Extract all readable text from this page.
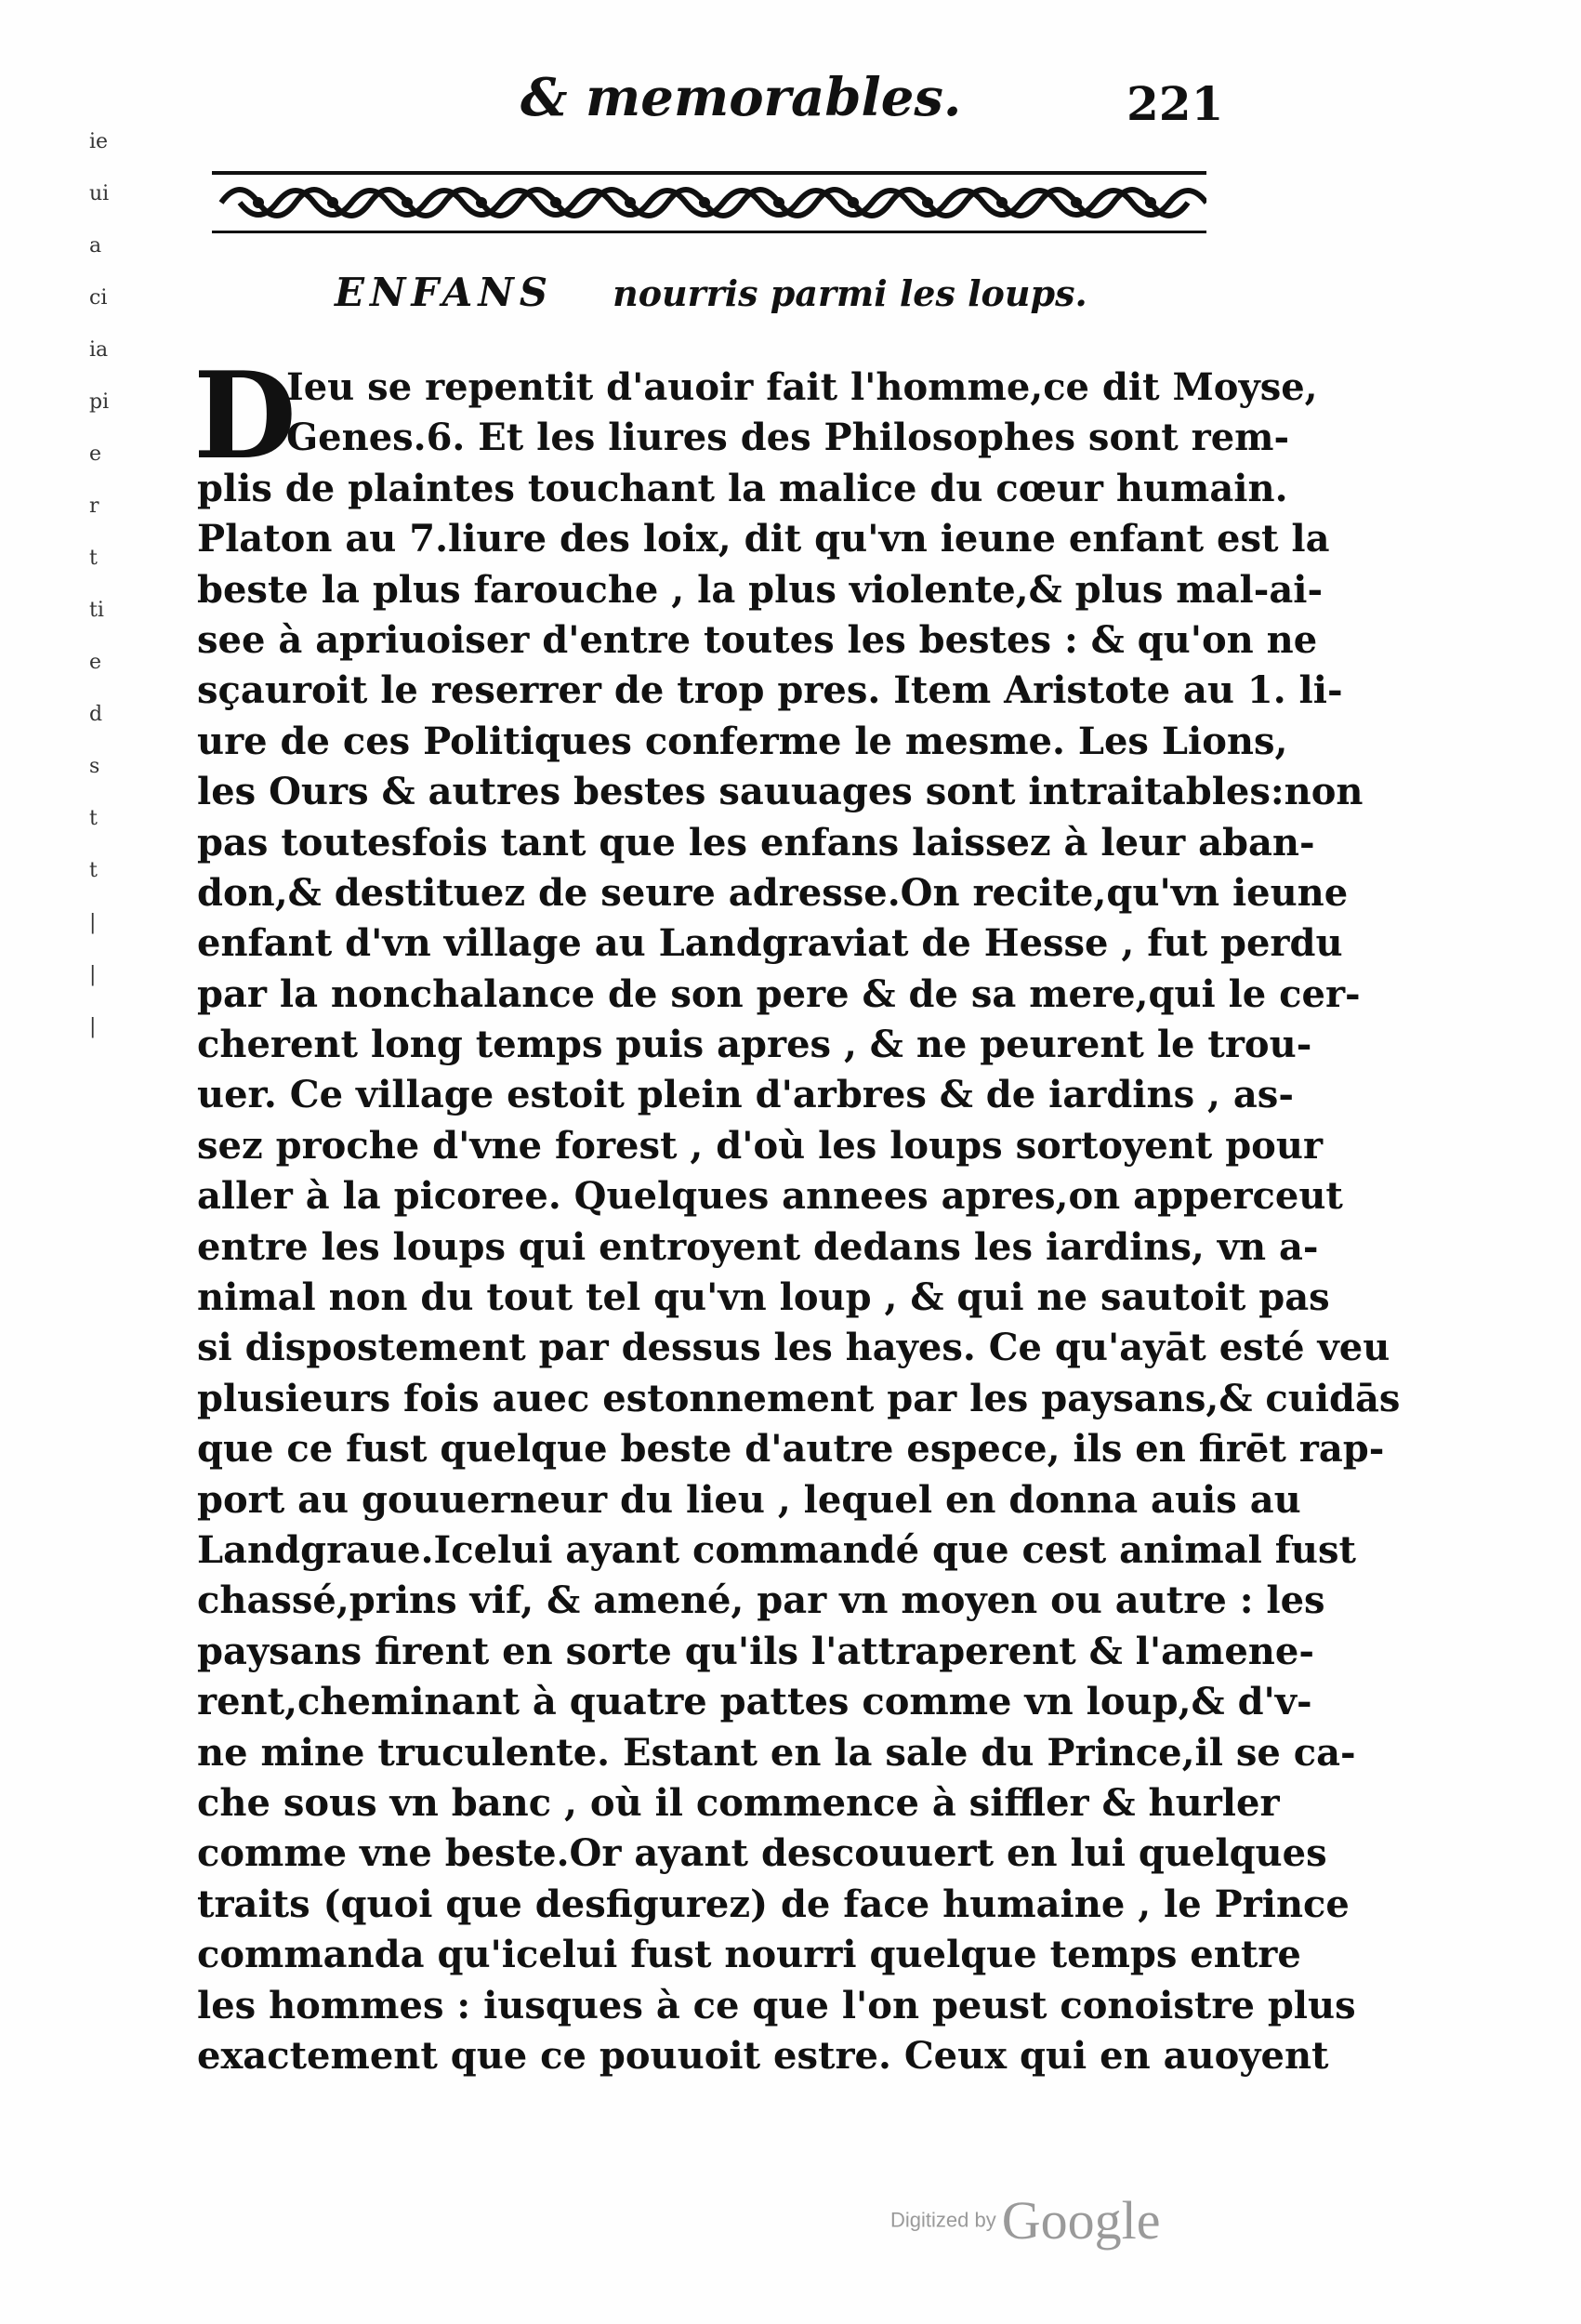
ie
ui
a
ci
ia
pi
e
r
t
ti
e
d
s
t
t
|
|
|
& memorables.	221
ENFANS nourris parmi les loups.
D
Ieu se repentit d'auoir fait l'homme,ce dit Moyse,
Genes.6. Et les liures des Philosophes sont rem-
plis de plaintes touchant la malice du cœur humain.
Platon au 7.liure des loix, dit qu'vn ieune enfant est la
beste la plus farouche , la plus violente,& plus mal-ai-
see à apriuoiser d'entre toutes les bestes : & qu'on ne
sçauroit le reserrer de trop pres. Item Aristote au 1. li-
ure de ces Politiques conferme le mesme. Les Lions,
les Ours & autres bestes sauuages sont intraitables:non
pas toutesfois tant que les enfans laissez à leur aban-
don,& destituez de seure adresse.On recite,qu'vn ieune
enfant d'vn village au Landgraviat de Hesse , fut perdu
par la nonchalance de son pere & de sa mere,qui le cer-
cherent long temps puis apres , & ne peurent le trou-
uer. Ce village estoit plein d'arbres & de iardins , as-
sez proche d'vne forest , d'où les loups sortoyent pour
aller à la picoree. Quelques annees apres,on apperceut
entre les loups qui entroyent dedans les iardins, vn a-
nimal non du tout tel qu'vn loup , & qui ne sautoit pas
si dispostement par dessus les hayes. Ce qu'ayāt esté veu
plusieurs fois auec estonnement par les paysans,& cuidās
que ce fust quelque beste d'autre espece, ils en firēt rap-
port au gouuerneur du lieu , lequel en donna auis au
Landgraue.Icelui ayant commandé que cest animal fust
chassé,prins vif, & amené, par vn moyen ou autre : les
paysans firent en sorte qu'ils l'attraperent & l'amene-
rent,cheminant à quatre pattes comme vn loup,& d'v-
ne mine truculente. Estant en la sale du Prince,il se ca-
che sous vn banc , où il commence à siffler & hurler
comme vne beste.Or ayant descouuert en lui quelques
traits (quoi que desfigurez) de face humaine , le Prince
commanda qu'icelui fust nourri quelque temps entre
les hommes : iusques à ce que l'on peust conoistre plus
exactement que ce pouuoit estre. Ceux qui en auoyent
Digitized by Google
